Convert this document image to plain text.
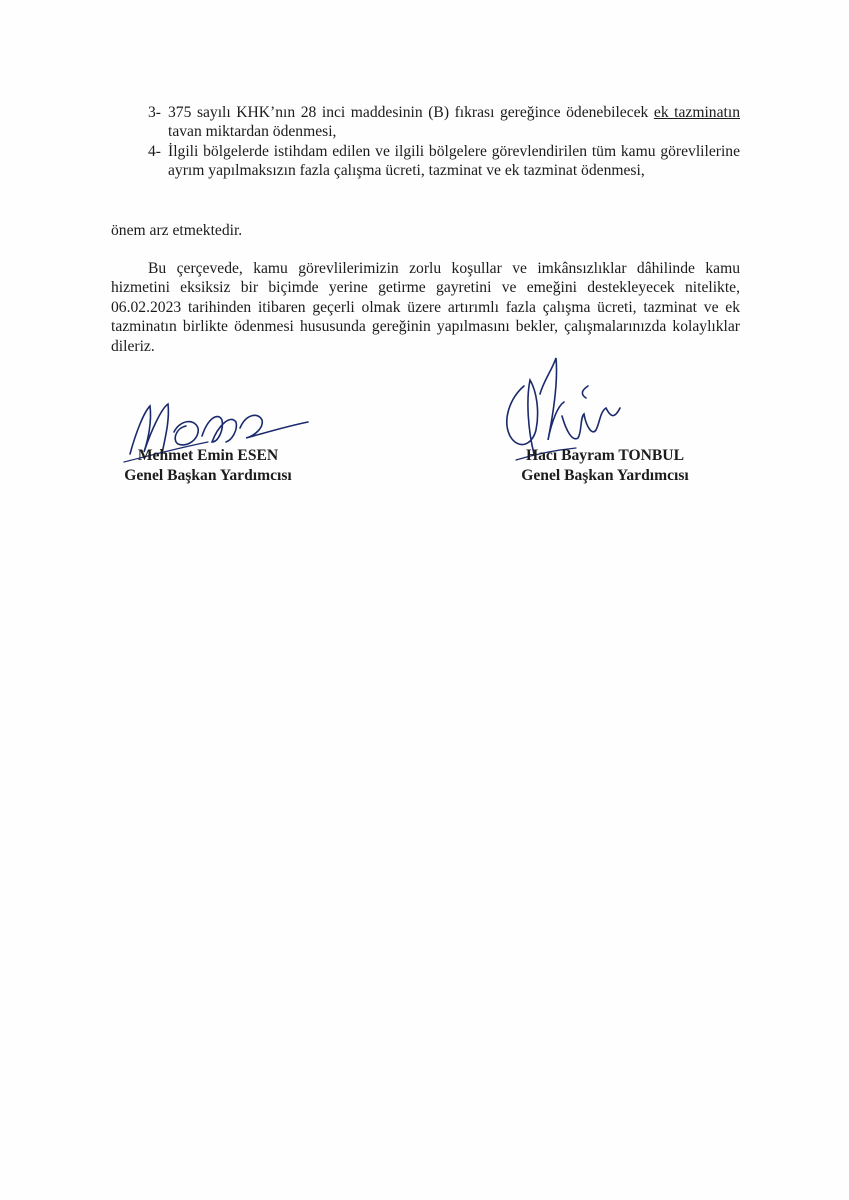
3- 375 sayılı KHK’nın 28 inci maddesinin (B) fıkrası gereğince ödenebilecek ek tazminatın tavan miktardan ödenmesi,
4- İlgili bölgelerde istihdam edilen ve ilgili bölgelere görevlendirilen tüm kamu görevlilerine ayrım yapılmaksızın fazla çalışma ücreti, tazminat ve ek tazminat ödenmesi,
önem arz etmektedir.
Bu çerçevede, kamu görevlilerimizin zorlu koşullar ve imkânsızlıklar dâhilinde kamu hizmetini eksiksiz bir biçimde yerine getirme gayretini ve emeğini destekleyecek nitelikte, 06.02.2023 tarihinden itibaren geçerli olmak üzere artırımlı fazla çalışma ücreti, tazminat ve ek tazminatın birlikte ödenmesi hususunda gereğinin yapılmasını bekler, çalışmalarınızda kolaylıklar dileriz.
Mehmet Emin ESEN
Genel Başkan Yardımcısı
Hacı Bayram TONBUL
Genel Başkan Yardımcısı
